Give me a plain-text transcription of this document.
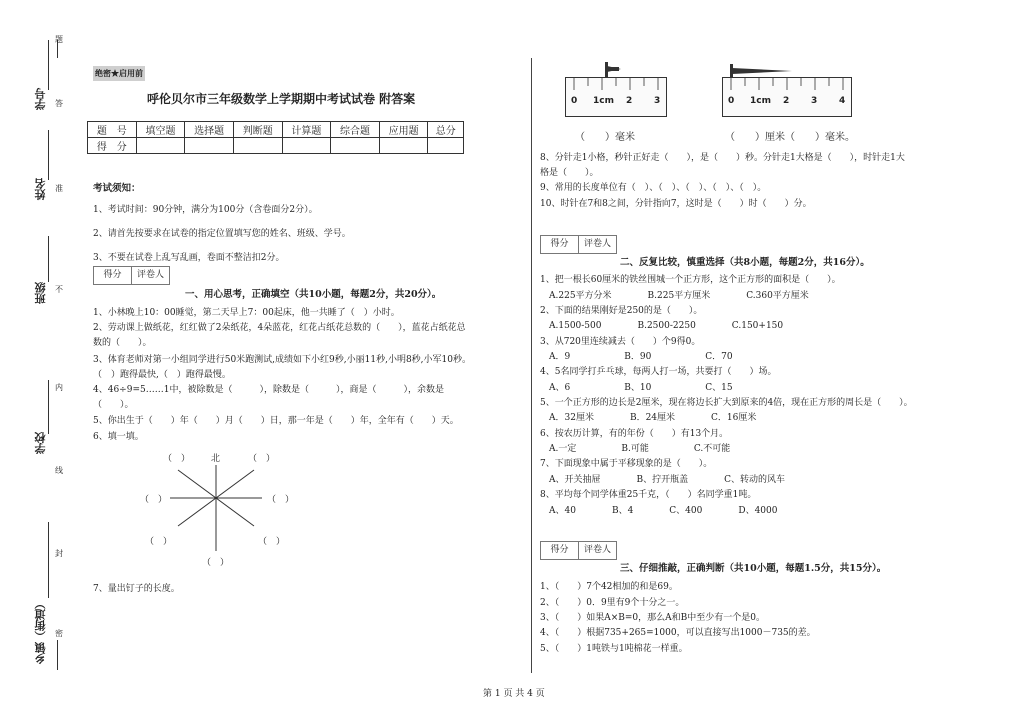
题
学号 答
姓名 准
班级 不
内
学校
线
封
乡镇（街道） 密
绝密★启用前
呼伦贝尔市三年级数学上学期期中考试试卷 附答案
题　号	填空题	选择题	判断题	计算题	综合题	应用题	总分
得　分							
考试须知：
1、考试时间：90分钟，满分为100分（含卷面分2分）。
2、请首先按要求在试卷的指定位置填写您的姓名、班级、学号。
3、不要在试卷上乱写乱画，卷面不整洁扣2分。
得分	评卷人
一、用心思考，正确填空（共10小题，每题2分，共20分）。
1、小林晚上10：00睡觉，第二天早上7：00起床，他一共睡了（　）小时。
2、劳动课上做纸花，红红做了2朵纸花，4朵蓝花，红花占纸花总数的（　　），蓝花占纸花总
数的（　　）。
3、体育老师对第一小组同学进行50米跑测试,成绩如下小红9秒,小丽11秒,小明8秒,小军10秒。
（　）跑得最快,（　）跑得最慢。
4、46÷9=5……1中，被除数是（　　　），除数是（　　　），商是（　　　），余数是
（　　）。
5、你出生于（　　）年（　　）月（　　）日，那一年是（　　）年，全年有（　　）天。
6、填一填。
（　） 北	（　）
（　）	（　）
（　）	（　）
（　）
7、量出钉子的长度。
0 1cm 2 3	0 1cm 2 3 4
（　　）毫米	（　　）厘米（　　）毫米。
8、分针走1小格，秒针正好走（　　），是（　　）秒。分针走1大格是（　　），时针走1大
格是（　　）。
9、常用的长度单位有（　）、（　）、（　）、（　）、（　）。
10、时针在7和8之间，分针指向7，这时是（　　）时（　　）分。
得分	评卷人
二、反复比较，慎重选择（共8小题，每题2分，共16分）。
1、把一根长60厘米的铁丝围城一个正方形，这个正方形的面积是（　　）。
　A.225平方分米　　　　B.225平方厘米　　　　C.360平方厘米
2、下面的结果刚好是250的是（　　）。
　A.1500-500　　　　B.2500-2250　　　　C.150+150
3、从720里连续减去（　　）个9得0。
　A．9　　　　　　B．90　　　　　　C．70
4、5名同学打乒乓球，每两人打一场，共要打（　　）场。
　A、6　　　　　　B、10　　　　　　C、15
5、一个正方形的边长是2厘米，现在将边长扩大到原来的4倍，现在正方形的周长是（　　）。
　A．32厘米　　　　B．24厘米　　　　C．16厘米
6、按农历计算，有的年份（　　）有13个月。
　A.一定　　　　　B.可能　　　　　C.不可能
7、下面现象中属于平移现象的是（　　）。
　A、开关抽屉　　　　B、拧开瓶盖　　　　C、转动的风车
8、平均每个同学体重25千克，（　　）名同学重1吨。
　A、40　　　　B、4　　　　C、400　　　　D、4000
得分	评卷人
三、仔细推敲，正确判断（共10小题，每题1.5分，共15分）。
1、（　　）7个42相加的和是69。
2、（　　）0．9里有9个十分之一。
3、（　　）如果A×B=0，那么A和B中至少有一个是0。
4、（　　）根据735+265=1000，可以直接写出1000－735的差。
5、（　　）1吨铁与1吨棉花一样重。
第 1 页 共 4 页
